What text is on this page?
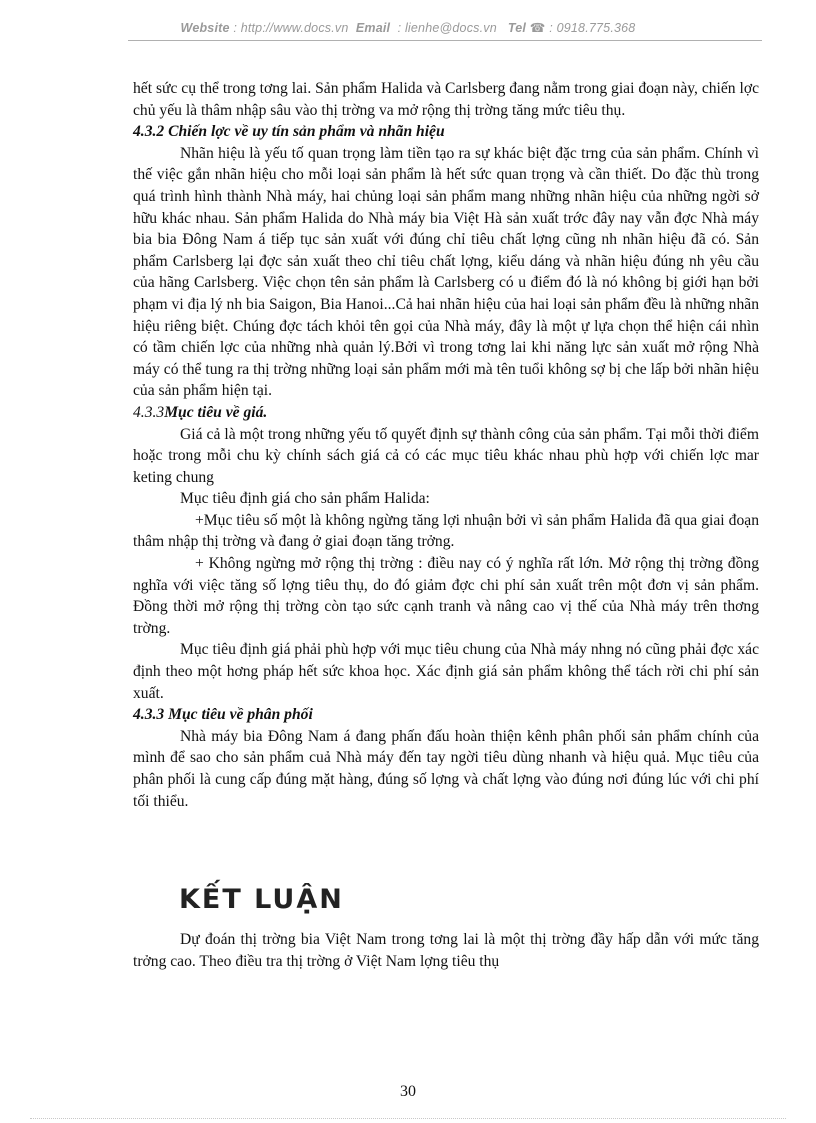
Website : http://www.docs.vn Email : lienhe@docs.vn Tel ☎ : 0918.775.368

hết sức cụ thể trong tơng lai. Sản phẩm Halida và Carlsberg đang nằm trong giai đoạn này, chiến lợc chủ yếu là thâm nhập sâu vào thị trờng va mở rộng thị trờng tăng mức tiêu thụ.

4.3.2 Chiến lợc về uy tín sản phẩm và nhãn hiệu

Nhãn hiệu là yếu tố quan trọng làm tiền tạo ra sự khác biệt đặc trng của sản phẩm. Chính vì thế việc gắn nhãn hiệu cho mỗi loại sản phẩm là hết sức quan trọng và cần thiết. Do đặc thù trong quá trình hình thành Nhà máy, hai chủng loại sản phẩm mang những nhãn hiệu của những ngời sở hữu khác nhau. Sản phẩm Halida do Nhà máy bia Việt Hà sản xuất trớc đây nay vẫn đợc Nhà máy bia bia Đông Nam á tiếp tục sản xuất với đúng chỉ tiêu chất lợng cũng nh nhãn hiệu đã có. Sản phẩm Carlsberg lại đợc sản xuất theo chỉ tiêu chất lợng, kiểu dáng và nhãn hiệu đúng nh yêu cầu của hãng Carlsberg. Việc chọn tên sản phẩm là Carlsberg có u điểm đó là nó không bị giới hạn bởi phạm vi địa lý nh bia Saigon, Bia Hanoi...Cả hai nhãn hiệu của hai loại sản phẩm đều là những nhãn hiệu riêng biệt. Chúng đợc tách khỏi tên gọi của Nhà máy, đây là một ự lựa chọn thể hiện cái nhìn có tầm chiến lợc của những nhà quản lý.Bởi vì trong tơng lai khi năng lực sản xuất mở rộng Nhà máy có thể tung ra thị trờng những loại sản phẩm mới mà tên tuổi không sợ bị che lấp bởi nhãn hiệu của sản phẩm hiện tại.

4.3.3Mục tiêu về giá.

Giá cả là một trong những yếu tố quyết định sự thành công của sản phẩm. Tại mỗi thời điểm hoặc trong mỗi chu kỳ chính sách giá cả có các mục tiêu khác nhau phù hợp với chiến lợc mar keting chung

Mục tiêu định giá cho sản phẩm Halida:

+Mục tiêu số một là không ngừng tăng lợi nhuận bởi vì sản phẩm Halida đã qua giai đoạn thâm nhập thị trờng và đang ở giai đoạn tăng trởng.

+ Không ngừng mở rộng thị trờng : điều nay có ý nghĩa rất lớn. Mở rộng thị trờng đồng nghĩa với việc tăng số lợng tiêu thụ, do đó giảm đợc chi phí sản xuất trên một đơn vị sản phẩm. Đồng thời mở rộng thị trờng còn tạo sức cạnh tranh và nâng cao vị thế của Nhà máy trên thơng trờng.

Mục tiêu định giá phải phù hợp với mục tiêu chung của Nhà máy nhng nó cũng phải đợc xác định theo một hơng pháp hết sức khoa học. Xác định giá sản phẩm không thể tách rời chi phí sản xuất.

4.3.3 Mục tiêu về phân phối

Nhà máy bia Đông Nam á đang phấn đấu hoàn thiện kênh phân phối sản phẩm chính của mình để sao cho sản phẩm cuả Nhà máy đến tay ngời tiêu dùng nhanh và hiệu quả. Mục tiêu của phân phối là cung cấp đúng mặt hàng, đúng số lợng và chất lợng vào đúng nơi đúng lúc với chi phí tối thiểu.

KẾT LUẬN

Dự đoán thị trờng bia Việt Nam trong tơng lai là một thị trờng đầy hấp dẫn với mức tăng trởng cao. Theo điều tra thị trờng ở Việt Nam lợng tiêu thụ

30
